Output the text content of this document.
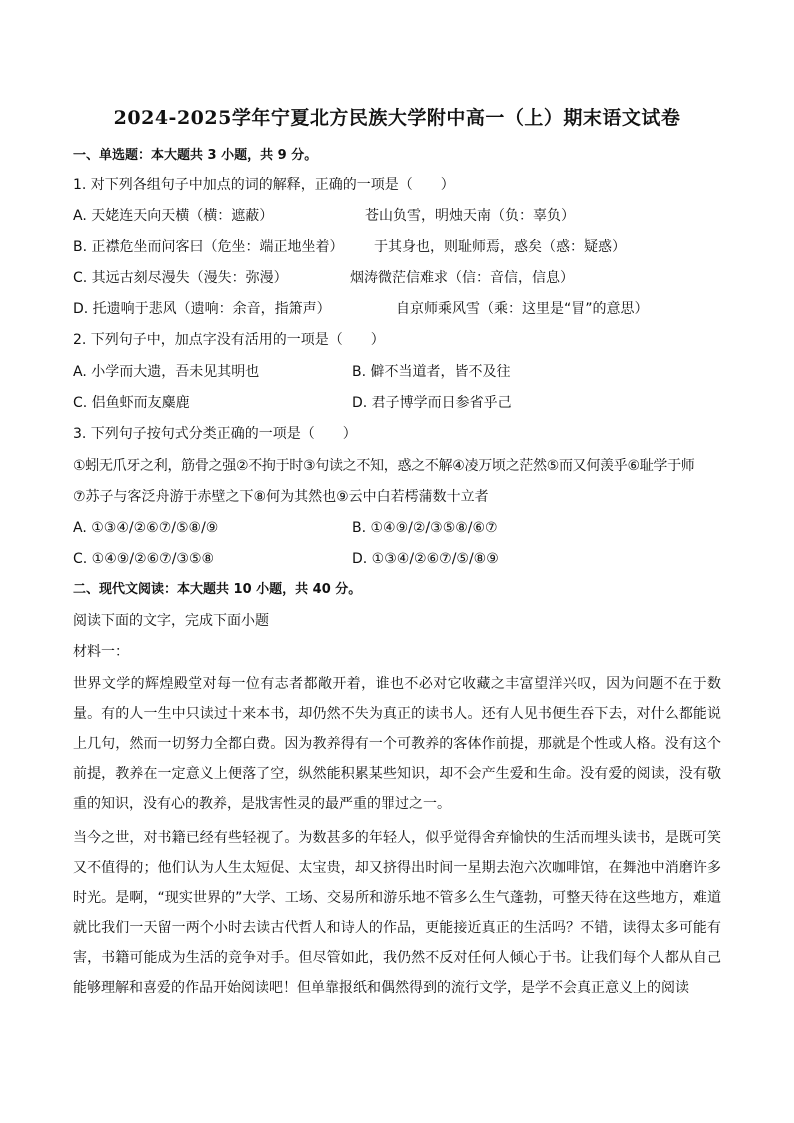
2024-2025学年宁夏北方民族大学附中高一（上）期末语文试卷
一、单选题：本大题共 3 小题，共 9 分。
1. 对下列各组句子中加点的词的解释，正确的一项是（　　）
A. 天姥连天向天横（横：遮蔽）	苍山负雪，明烛天南（负：辜负）
B. 正襟危坐而问客曰（危坐：端正地坐着） 于其身也，则耻师焉，惑矣（惑：疑惑）
C. 其远古刻尽漫失（漫失：弥漫）	烟涛微茫信难求（信：音信，信息）
D. 托遗响于悲风（遗响：余音，指箫声）	自京师乘风雪（乘：这里是“冒”的意思）
2. 下列句子中，加点字没有活用的一项是（　　）
A. 小学而大遗，吾未见其明也	B. 僻不当道者，皆不及往
C. 侣鱼虾而友麋鹿	D. 君子博学而日参省乎己
3. 下列句子按句式分类正确的一项是（　　）
①蚓无爪牙之利，筋骨之强②不拘于时③句读之不知，惑之不解④凌万顷之茫然⑤而又何羡乎⑥耻学于师
⑦苏子与客泛舟游于赤壁之下⑧何为其然也⑨云中白若樗蒲数十立者
A. ①③④/②⑥⑦/⑤⑧/⑨	B. ①④⑨/②/③⑤⑧/⑥⑦
C. ①④⑨/②⑥⑦/③⑤⑧	D. ①③④/②⑥⑦/⑤/⑧⑨
二、现代文阅读：本大题共 10 小题，共 40 分。
阅读下面的文字，完成下面小题
材料一：
世界文学的辉煌殿堂对每一位有志者都敞开着，谁也不必对它收藏之丰富望洋兴叹，因为问题不在于数量。有的人一生中只读过十来本书，却仍然不失为真正的读书人。还有人见书便生吞下去，对什么都能说上几句，然而一切努力全都白费。因为教养得有一个可教养的客体作前提，那就是个性或人格。没有这个前提，教养在一定意义上便落了空，纵然能积累某些知识，却不会产生爱和生命。没有爱的阅读，没有敬重的知识，没有心的教养，是戕害性灵的最严重的罪过之一。
当今之世，对书籍已经有些轻视了。为数甚多的年轻人，似乎觉得舍弃愉快的生活而埋头读书，是既可笑又不值得的；他们认为人生太短促、太宝贵，却又挤得出时间一星期去泡六次咖啡馆，在舞池中消磨许多时光。是啊，“现实世界的”大学、工场、交易所和游乐地不管多么生气蓬勃，可整天待在这些地方，难道就比我们一天留一两个小时去读古代哲人和诗人的作品，更能接近真正的生活吗？不错，读得太多可能有害，书籍可能成为生活的竞争对手。但尽管如此，我仍然不反对任何人倾心于书。让我们每个人都从自己能够理解和喜爱的作品开始阅读吧！但单靠报纸和偶然得到的流行文学，是学不会真正意义上的阅读
